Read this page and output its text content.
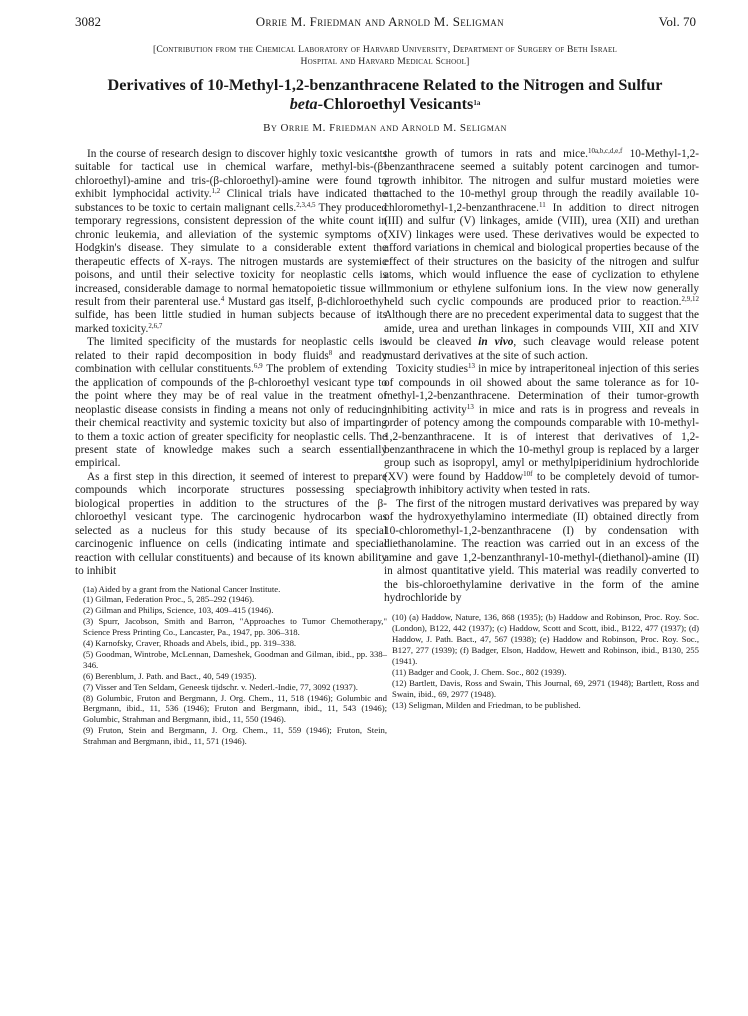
3082	Orrie M. Friedman and Arnold M. Seligman	Vol. 70
[Contribution from the Chemical Laboratory of Harvard University, Department of Surgery of Beth Israel
Hospital and Harvard Medical School]
Derivatives of 10-Methyl-1,2-benzanthracene Related to the Nitrogen and Sulfur
beta-Chloroethyl Vesicants$^{1a}$
By Orrie M. Friedman and Arnold M. Seligman

In the course of research design to discover highly toxic vesicants suitable for tactical use in chemical warfare, methyl-bis-(β-chloroethyl)-amine and tris-(β-chloroethyl)-amine were found to exhibit lymphocidal activity.$^{1,2}$ Clinical trials have indicated the substances to be toxic to certain malignant cells.$^{2,3,4,5}$ They produced temporary regressions, consistent depression of the white count in chronic leukemia, and alleviation of the systemic symptoms of Hodgkin's disease. They simulate to a considerable extent the therapeutic effects of X-rays. The nitrogen mustards are systemic poisons, and until their selective toxicity for neoplastic cells is increased, considerable damage to normal hematopoietic tissue will result from their parenteral use.$^4$ Mustard gas itself, β-dichloroethyl sulfide, has been little studied in human subjects because of its marked toxicity.$^{2,6,7}$

The limited specificity of the mustards for neoplastic cells is related to their rapid decomposition in body fluids$^8$ and ready combination with cellular constituents.$^{6,9}$ The problem of extending the application of compounds of the β-chloroethyl vesicant type to the point where they may be of real value in the treatment of neoplastic disease consists in finding a means not only of reducing their chemical reactivity and systemic toxicity but also of imparting to them a toxic action of greater specificity for neoplastic cells. The present state of knowledge makes such a search essentially empirical.

As a first step in this direction, it seemed of interest to prepare compounds which incorporate structures possessing special biological properties in addition to the structures of the β-chloroethyl vesicant type. The carcinogenic hydrocarbon was selected as a nucleus for this study because of its special carcinogenic influence on cells (indicating intimate and special reaction with cellular constituents) and because of its known ability to inhibit

(1a) Aided by a grant from the National Cancer Institute.
(1) Gilman, Federation Proc., 5, 285–292 (1946).
(2) Gilman and Philips, Science, 103, 409–415 (1946).
(3) Spurr, Jacobson, Smith and Barron, "Approaches to Tumor Chemotherapy," Science Press Printing Co., Lancaster, Pa., 1947, pp. 306–318.
(4) Karnofsky, Craver, Rhoads and Abels, ibid., pp. 319–338.
(5) Goodman, Wintrobe, McLennan, Dameshek, Goodman and Gilman, ibid., pp. 338–346.
(6) Berenblum, J. Path. and Bact., 40, 549 (1935).
(7) Visser and Ten Seldam, Geneesk tijdschr. v. Nederl.-Indie, 77, 3092 (1937).
(8) Golumbic, Fruton and Bergmann, J. Org. Chem., 11, 518 (1946); Golumbic and Bergmann, ibid., 11, 536 (1946); Fruton and Bergmann, ibid., 11, 543 (1946); Golumbic, Strahman and Bergmann, ibid., 11, 550 (1946).
(9) Fruton, Stein and Bergmann, J. Org. Chem., 11, 559 (1946); Fruton, Stein, Strahman and Bergmann, ibid., 11, 571 (1946).

the growth of tumors in rats and mice.$^{10a,b,c,d,e,f}$ 10-Methyl-1,2-benzanthracene seemed a suitably potent carcinogen and tumor-growth inhibitor. The nitrogen and sulfur mustard moieties were attached to the 10-methyl group through the readily available 10-chloromethyl-1,2-benzanthracene.$^{11}$ In addition to direct nitrogen (III) and sulfur (V) linkages, amide (VIII), urea (XII) and urethan (XIV) linkages were used. These derivatives would be expected to afford variations in chemical and biological properties because of the effect of their structures on the basicity of the nitrogen and sulfur atoms, which would influence the ease of cyclization to ethylene immonium or ethylene sulfonium ions. In the view now generally held such cyclic compounds are produced prior to reaction.$^{2,9,12}$ Although there are no precedent experimental data to suggest that the amide, urea and urethan linkages in compounds VIII, XII and XIV would be cleaved in vivo, such cleavage would release potent mustard derivatives at the site of such action.

Toxicity studies$^{13}$ in mice by intraperitoneal injection of this series of compounds in oil showed about the same tolerance as for 10-methyl-1,2-benzanthracene. Determination of their tumor-growth inhibiting activity$^{13}$ in mice and rats is in progress and reveals in order of potency among the compounds comparable with 10-methyl-1,2-benzanthracene. It is of interest that derivatives of 1,2-benzanthracene in which the 10-methyl group is replaced by a larger group such as isopropyl, amyl or methylpiperidinium hydrochloride (XV) were found by Haddow$^{10f}$ to be completely devoid of tumor-growth inhibitory activity when tested in rats.

The first of the nitrogen mustard derivatives was prepared by way of the hydroxyethylamino intermediate (II) obtained directly from 10-chloromethyl-1,2-benzanthracene (I) by condensation with diethanolamine. The reaction was carried out in an excess of the amine and gave 1,2-benzanthranyl-10-methyl-(diethanol)-amine (II) in almost quantitative yield. This material was readily converted to the bis-chloroethylamine derivative in the form of the amine hydrochloride by

(10) (a) Haddow, Nature, 136, 868 (1935); (b) Haddow and Robinson, Proc. Roy. Soc. (London), B122, 442 (1937); (c) Haddow, Scott and Scott, ibid., B122, 477 (1937); (d) Haddow, J. Path. Bact., 47, 567 (1938); (e) Haddow and Robinson, Proc. Roy. Soc., B127, 277 (1939); (f) Badger, Elson, Haddow, Hewett and Robinson, ibid., B130, 255 (1941).
(11) Badger and Cook, J. Chem. Soc., 802 (1939).
(12) Bartlett, Davis, Ross and Swain, This Journal, 69, 2971 (1948); Bartlett, Ross and Swain, ibid., 69, 2977 (1948).
(13) Seligman, Milden and Friedman, to be published.
